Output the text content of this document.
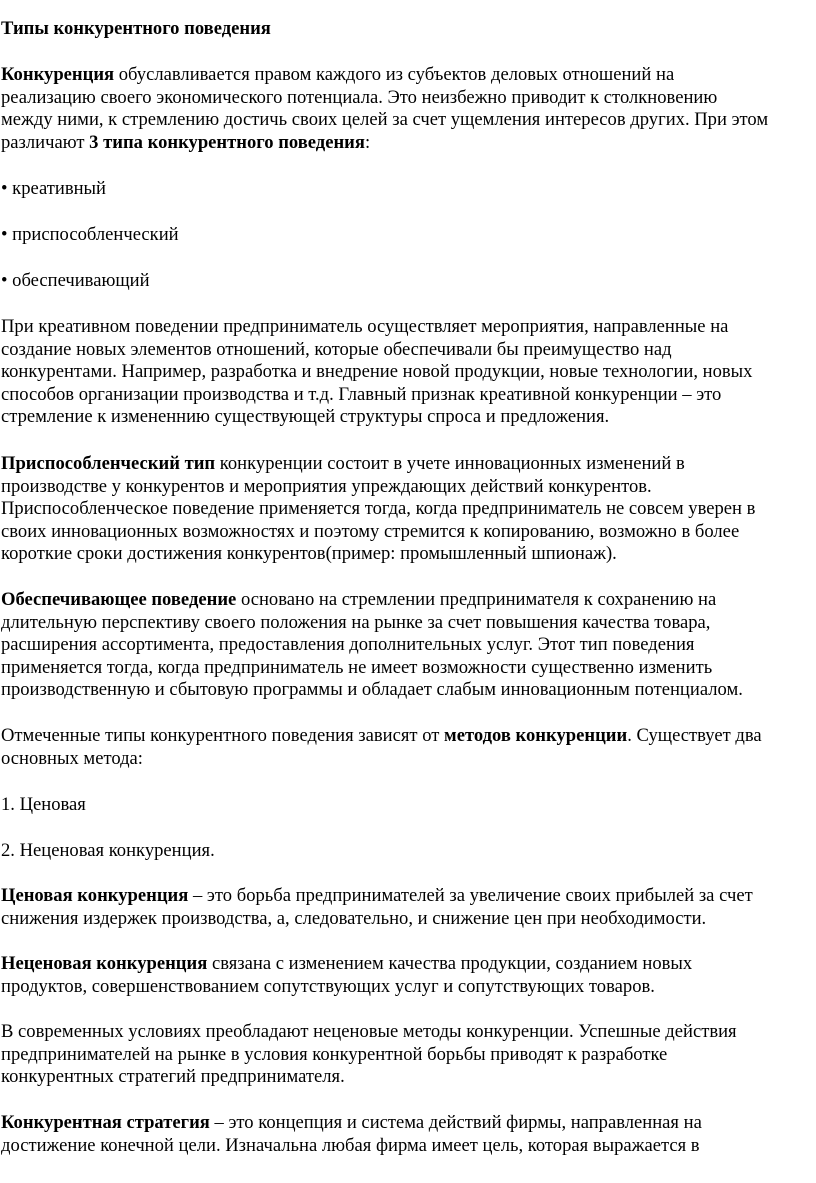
Типы конкурентного поведения
Конкуренция обуславливается правом каждого из субъектов деловых отношений на
реализацию своего экономического потенциала. Это неизбежно приводит к столкновению
между ними, к стремлению достичь своих целей за счет ущемления интересов других. При этом
различают 3 типа конкурентного поведения:
• креативный
• приспособленческий
• обеспечивающий
При креативном поведении предприниматель осуществляет мероприятия, направленные на
создание новых элементов отношений, которые обеспечивали бы преимущество над
конкурентами. Например, разработка и внедрение новой продукции, новые технологии, новых
способов организации производства и т.д. Главный признак креативной конкуренции – это
стремление к измененнию существующей структуры спроса и предложения.
Приспособленческий тип конкуренции состоит в учете инновационных изменений в
производстве у конкурентов и мероприятия упреждающих действий конкурентов.
Приспособленческое поведение применяется тогда, когда предприниматель не совсем уверен в
своих инновационных возможностях и поэтому стремится к копированию, возможно в более
короткие сроки достижения конкурентов(пример: промышленный шпионаж).
Обеспечивающее поведение основано на стремлении предпринимателя к сохранению на
длительную перспективу своего положения на рынке за счет повышения качества товара,
расширения ассортимента, предоставления дополнительных услуг. Этот тип поведения
применяется тогда, когда предприниматель не имеет возможности существенно изменить
производственную и сбытовую программы и обладает слабым инновационным потенциалом.
Отмеченные типы конкурентного поведения зависят от методов конкуренции. Существует два
основных метода:
1. Ценовая
2. Неценовая конкуренция.
Ценовая конкуренция – это борьба предпринимателей за увеличение своих прибылей за счет
снижения издержек производства, а, следовательно, и снижение цен при необходимости.
Неценовая конкуренция связана с изменением качества продукции, созданием новых
продуктов, совершенствованием сопутствующих услуг и сопутствующих товаров.
В современных условиях преобладают неценовые методы конкуренции. Успешные действия
предпринимателей на рынке в условия конкурентной борьбы приводят к разработке
конкурентных стратегий предпринимателя.
Конкурентная стратегия – это концепция и система действий фирмы, направленная на
достижение конечной цели. Изначальна любая фирма имеет цель, которая выражается в
